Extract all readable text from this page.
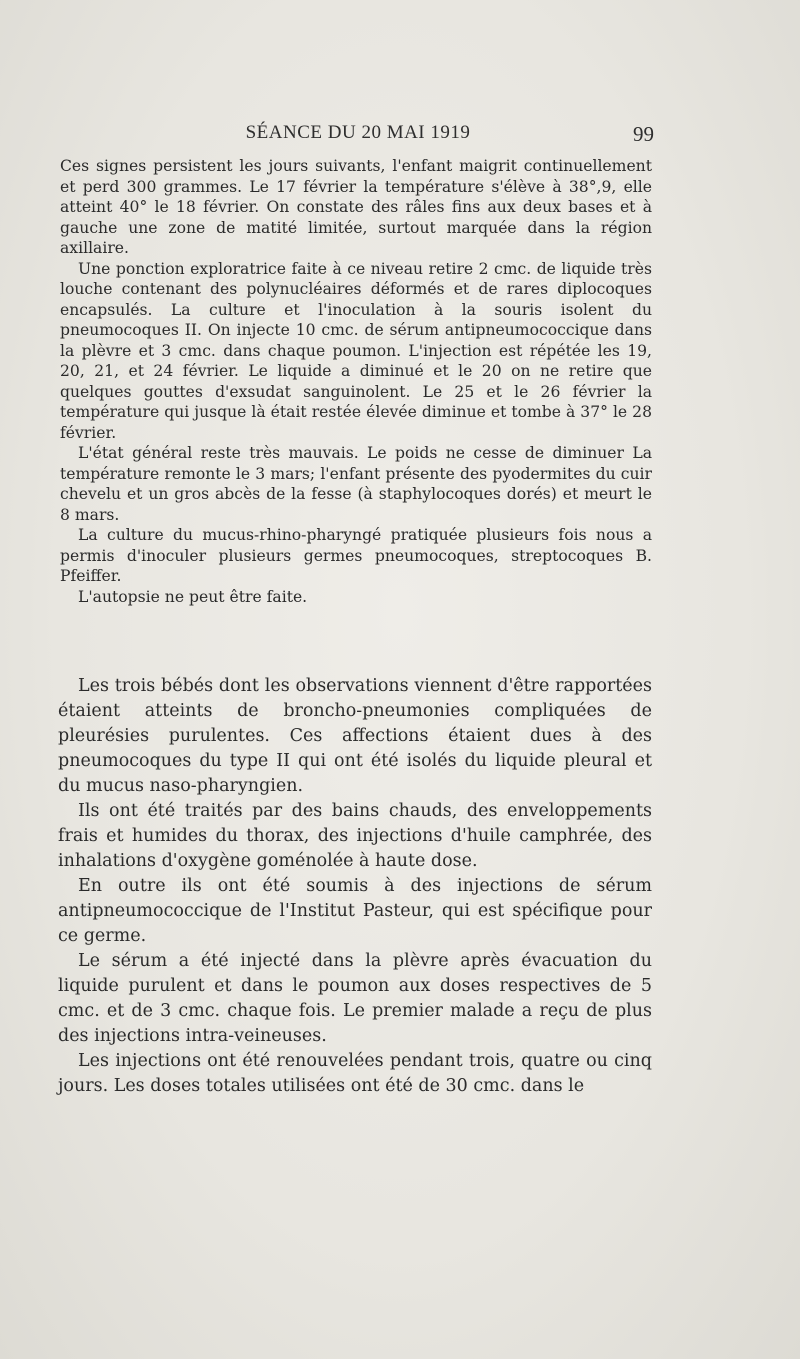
SÉANCE DU 20 MAI 1919	99

Ces signes persistent les jours suivants, l'enfant maigrit continuellement et perd 300 grammes. Le 17 février la température s'élève à 38°,9, elle atteint 40° le 18 février. On constate des râles fins aux deux bases et à gauche une zone de matité limitée, surtout marquée dans la région axillaire.

Une ponction exploratrice faite à ce niveau retire 2 cmc. de liquide très louche contenant des polynucléaires déformés et de rares diplocoques encapsulés. La culture et l'inoculation à la souris isolent du pneumocoques II. On injecte 10 cmc. de sérum antipneumococcique dans la plèvre et 3 cmc. dans chaque poumon. L'injection est répétée les 19, 20, 21, et 24 février. Le liquide a diminué et le 20 on ne retire que quelques gouttes d'exsudat sanguinolent. Le 25 et le 26 février la température qui jusque là était restée élevée diminue et tombe à 37° le 28 février.

L'état général reste très mauvais. Le poids ne cesse de diminuer La température remonte le 3 mars; l'enfant présente des pyodermites du cuir chevelu et un gros abcès de la fesse (à staphylocoques dorés) et meurt le 8 mars.

La culture du mucus-rhino-pharyngé pratiquée plusieurs fois nous a permis d'inoculer plusieurs germes pneumocoques, streptocoques B. Pfeiffer.

L'autopsie ne peut être faite.

Les trois bébés dont les observations viennent d'être rapportées étaient atteints de broncho-pneumonies compliquées de pleurésies purulentes. Ces affections étaient dues à des pneumocoques du type II qui ont été isolés du liquide pleural et du mucus naso-pharyngien.

Ils ont été traités par des bains chauds, des enveloppements frais et humides du thorax, des injections d'huile camphrée, des inhalations d'oxygène goménolée à haute dose.

En outre ils ont été soumis à des injections de sérum antipneumococcique de l'Institut Pasteur, qui est spécifique pour ce germe.

Le sérum a été injecté dans la plèvre après évacuation du liquide purulent et dans le poumon aux doses respectives de 5 cmc. et de 3 cmc. chaque fois. Le premier malade a reçu de plus des injections intra-veineuses.

Les injections ont été renouvelées pendant trois, quatre ou cinq jours. Les doses totales utilisées ont été de 30 cmc. dans le
